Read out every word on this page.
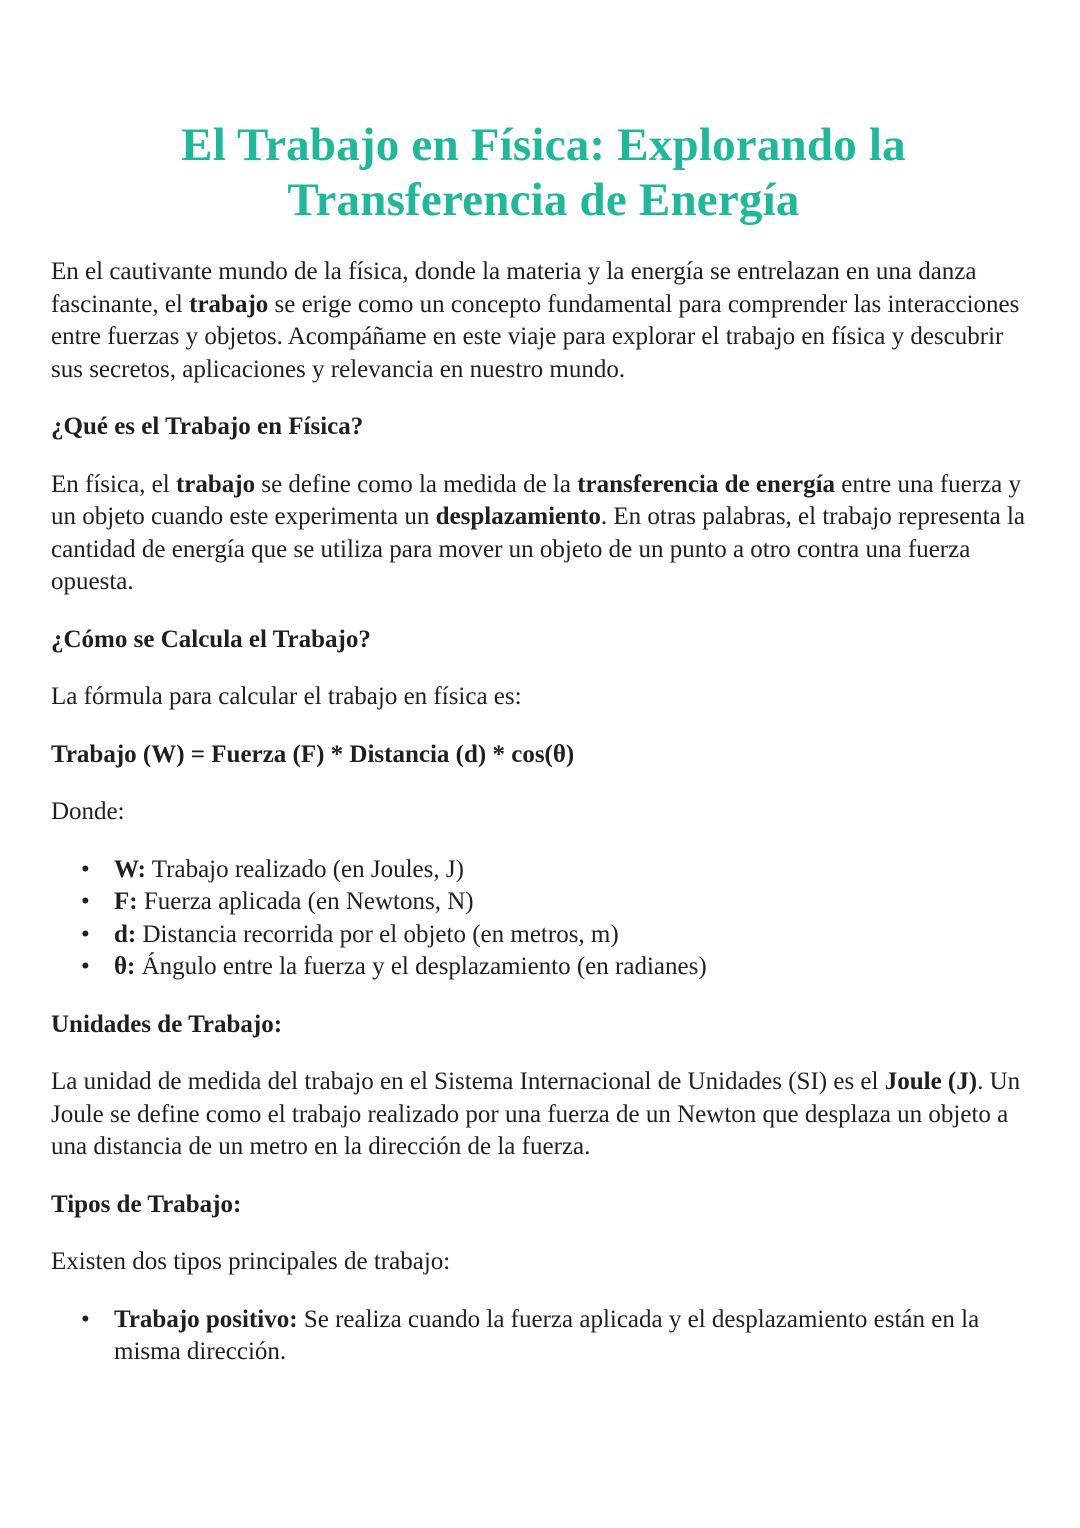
El Trabajo en Física: Explorando la
Transferencia de Energía

En el cautivante mundo de la física, donde la materia y la energía se entrelazan en una danza fascinante, el trabajo se erige como un concepto fundamental para comprender las interacciones entre fuerzas y objetos. Acompáñame en este viaje para explorar el trabajo en física y descubrir sus secretos, aplicaciones y relevancia en nuestro mundo.

¿Qué es el Trabajo en Física?

En física, el trabajo se define como la medida de la transferencia de energía entre una fuerza y un objeto cuando este experimenta un desplazamiento. En otras palabras, el trabajo representa la cantidad de energía que se utiliza para mover un objeto de un punto a otro contra una fuerza opuesta.

¿Cómo se Calcula el Trabajo?

La fórmula para calcular el trabajo en física es:

Trabajo (W) = Fuerza (F) * Distancia (d) * cos(θ)

Donde:

• W: Trabajo realizado (en Joules, J)
• F: Fuerza aplicada (en Newtons, N)
• d: Distancia recorrida por el objeto (en metros, m)
• θ: Ángulo entre la fuerza y el desplazamiento (en radianes)
Unidades de Trabajo:

La unidad de medida del trabajo en el Sistema Internacional de Unidades (SI) es el Joule (J). Un Joule se define como el trabajo realizado por una fuerza de un Newton que desplaza un objeto a una distancia de un metro en la dirección de la fuerza.

Tipos de Trabajo:

Existen dos tipos principales de trabajo:

• Trabajo positivo: Se realiza cuando la fuerza aplicada y el desplazamiento están en la misma dirección.
